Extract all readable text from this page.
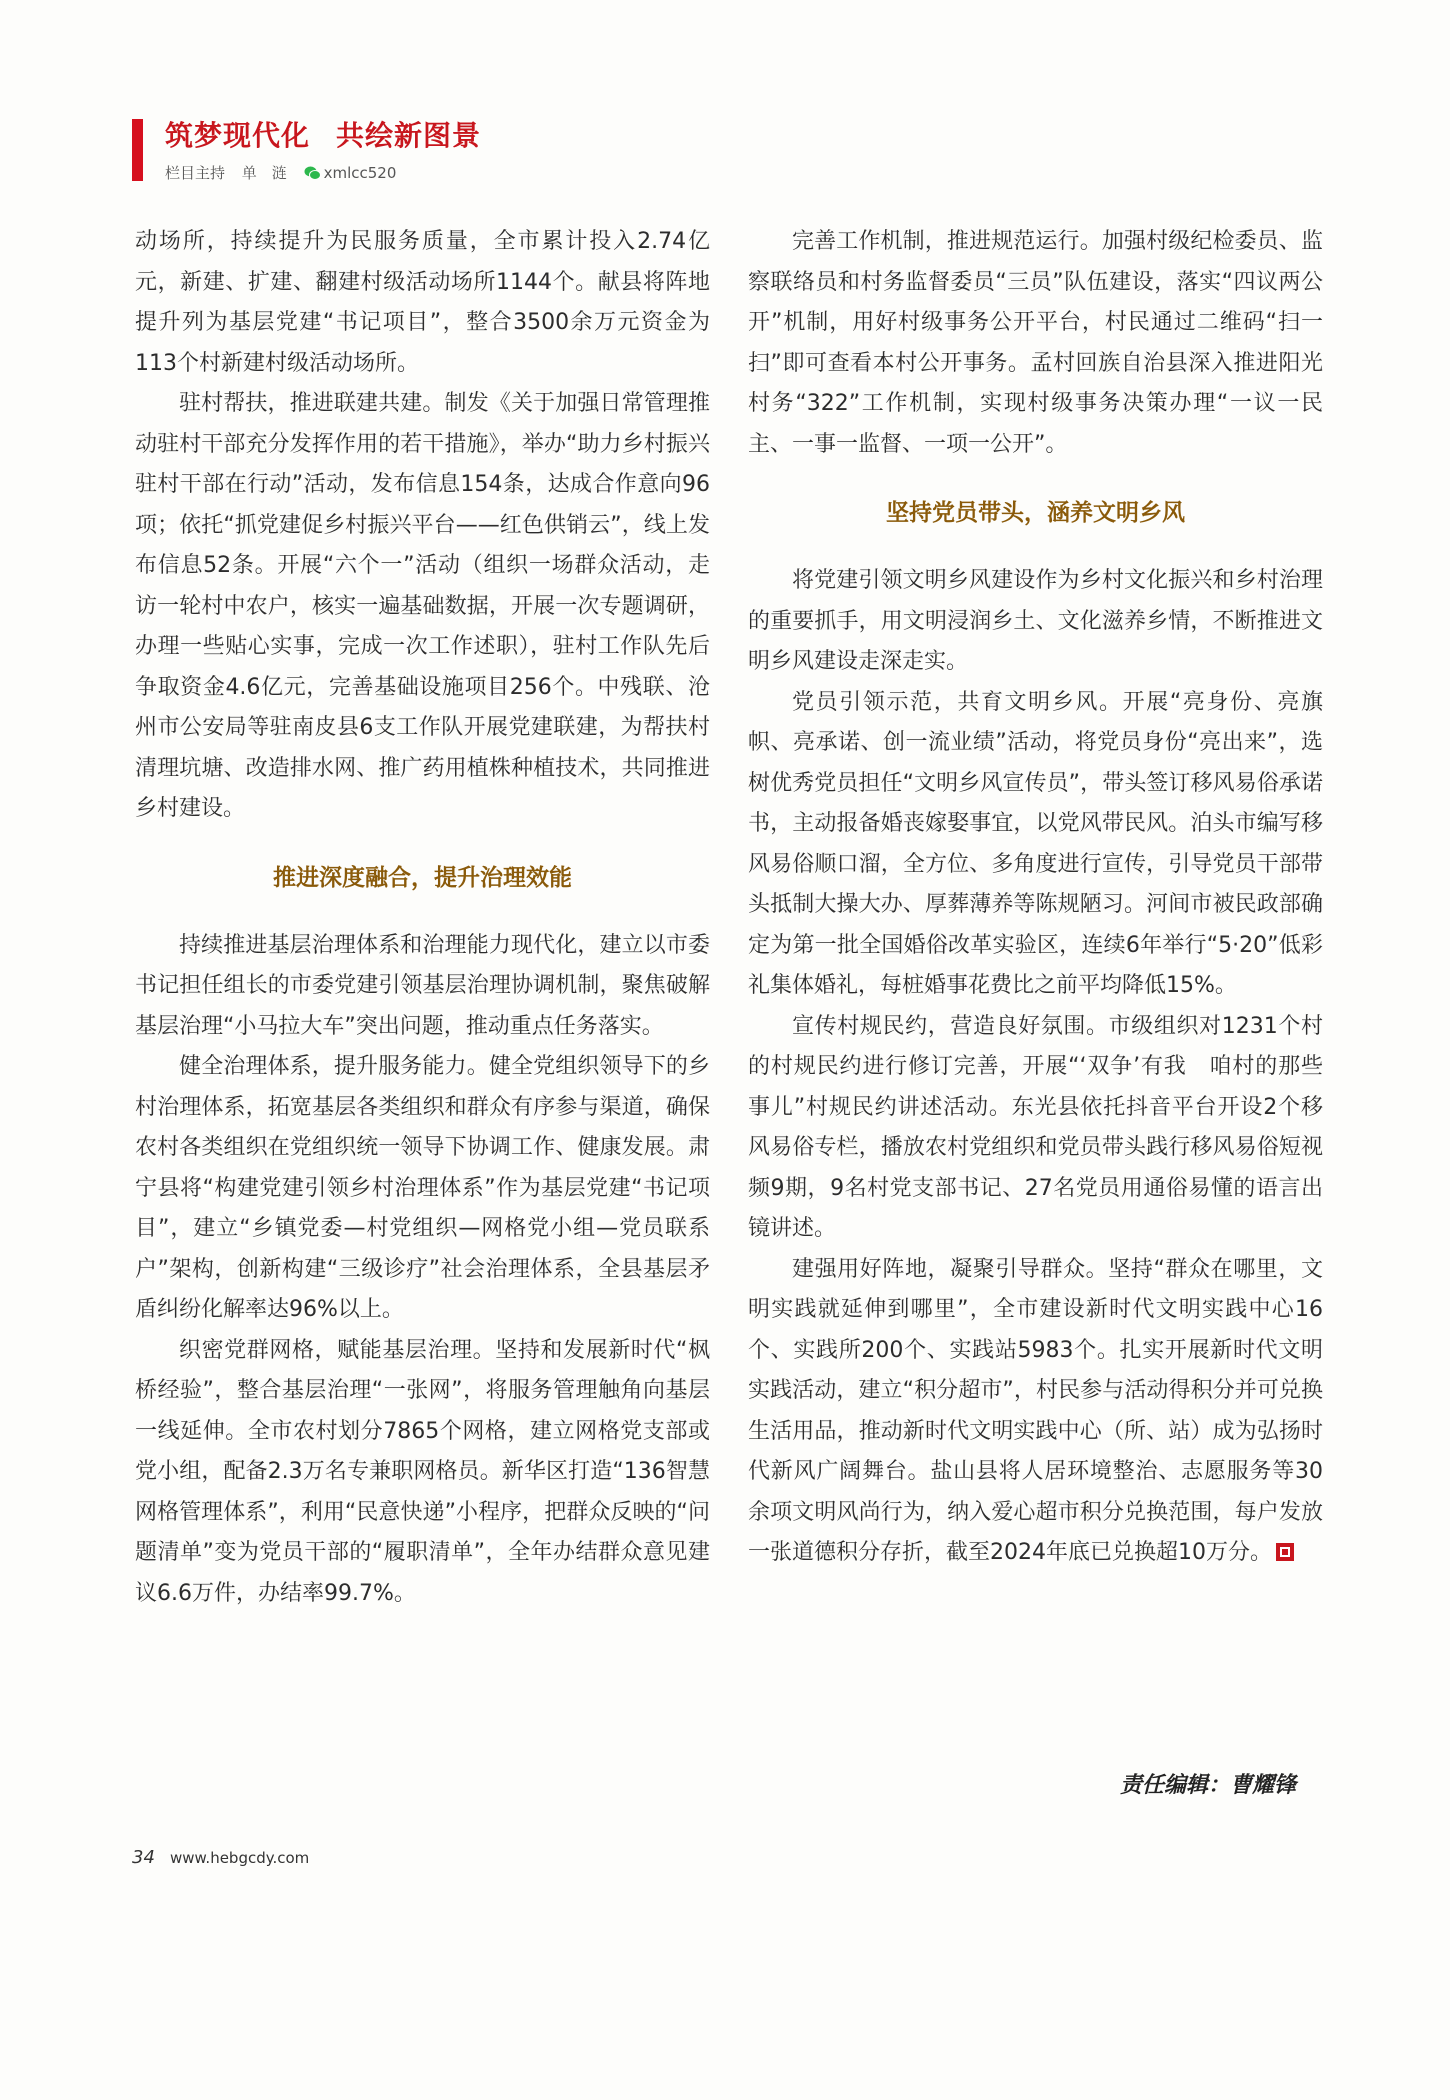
筑梦现代化 共绘新图景
栏目主持 单　涟 xmlcc520

动场所，持续提升为民服务质量，全市累计投入2.74亿元，新建、扩建、翻建村级活动场所1144个。献县将阵地提升列为基层党建“书记项目”，整合3500余万元资金为113个村新建村级活动场所。

驻村帮扶，推进联建共建。制发《关于加强日常管理推动驻村干部充分发挥作用的若干措施》，举办“助力乡村振兴　驻村干部在行动”活动，发布信息154条，达成合作意向96项；依托“抓党建促乡村振兴平台——红色供销云”，线上发布信息52条。开展“六个一”活动（组织一场群众活动，走访一轮村中农户，核实一遍基础数据，开展一次专题调研，办理一些贴心实事，完成一次工作述职），驻村工作队先后争取资金4.6亿元，完善基础设施项目256个。中残联、沧州市公安局等驻南皮县6支工作队开展党建联建，为帮扶村清理坑塘、改造排水网、推广药用植株种植技术，共同推进乡村建设。

推进深度融合，提升治理效能

持续推进基层治理体系和治理能力现代化，建立以市委书记担任组长的市委党建引领基层治理协调机制，聚焦破解基层治理“小马拉大车”突出问题，推动重点任务落实。

健全治理体系，提升服务能力。健全党组织领导下的乡村治理体系，拓宽基层各类组织和群众有序参与渠道，确保农村各类组织在党组织统一领导下协调工作、健康发展。肃宁县将“构建党建引领乡村治理体系”作为基层党建“书记项目”，建立“乡镇党委—村党组织—网格党小组—党员联系户”架构，创新构建“三级诊疗”社会治理体系，全县基层矛盾纠纷化解率达96%以上。

织密党群网格，赋能基层治理。坚持和发展新时代“枫桥经验”，整合基层治理“一张网”，将服务管理触角向基层一线延伸。全市农村划分7865个网格，建立网格党支部或党小组，配备2.3万名专兼职网格员。新华区打造“136智慧网格管理体系”，利用“民意快递”小程序，把群众反映的“问题清单”变为党员干部的“履职清单”，全年办结群众意见建议6.6万件，办结率99.7%。

完善工作机制，推进规范运行。加强村级纪检委员、监察联络员和村务监督委员“三员”队伍建设，落实“四议两公开”机制，用好村级事务公开平台，村民通过二维码“扫一扫”即可查看本村公开事务。孟村回族自治县深入推进阳光村务“322”工作机制，实现村级事务决策办理“一议一民主、一事一监督、一项一公开”。

坚持党员带头，涵养文明乡风

将党建引领文明乡风建设作为乡村文化振兴和乡村治理的重要抓手，用文明浸润乡土、文化滋养乡情，不断推进文明乡风建设走深走实。

党员引领示范，共育文明乡风。开展“亮身份、亮旗帜、亮承诺、创一流业绩”活动，将党员身份“亮出来”，选树优秀党员担任“文明乡风宣传员”，带头签订移风易俗承诺书，主动报备婚丧嫁娶事宜，以党风带民风。泊头市编写移风易俗顺口溜，全方位、多角度进行宣传，引导党员干部带头抵制大操大办、厚葬薄养等陈规陋习。河间市被民政部确定为第一批全国婚俗改革实验区，连续6年举行“5·20”低彩礼集体婚礼，每桩婚事花费比之前平均降低15%。

宣传村规民约，营造良好氛围。市级组织对1231个村的村规民约进行修订完善，开展“‘双争’有我　咱村的那些事儿”村规民约讲述活动。东光县依托抖音平台开设2个移风易俗专栏，播放农村党组织和党员带头践行移风易俗短视频9期，9名村党支部书记、27名党员用通俗易懂的语言出镜讲述。

建强用好阵地，凝聚引导群众。坚持“群众在哪里，文明实践就延伸到哪里”，全市建设新时代文明实践中心16个、实践所200个、实践站5983个。扎实开展新时代文明实践活动，建立“积分超市”，村民参与活动得积分并可兑换生活用品，推动新时代文明实践中心（所、站）成为弘扬时代新风广阔舞台。盐山县将人居环境整治、志愿服务等30余项文明风尚行为，纳入爱心超市积分兑换范围，每户发放一张道德积分存折，截至2024年底已兑换超10万分。

责任编辑：曹耀锋
34 www.hebgcdy.com
